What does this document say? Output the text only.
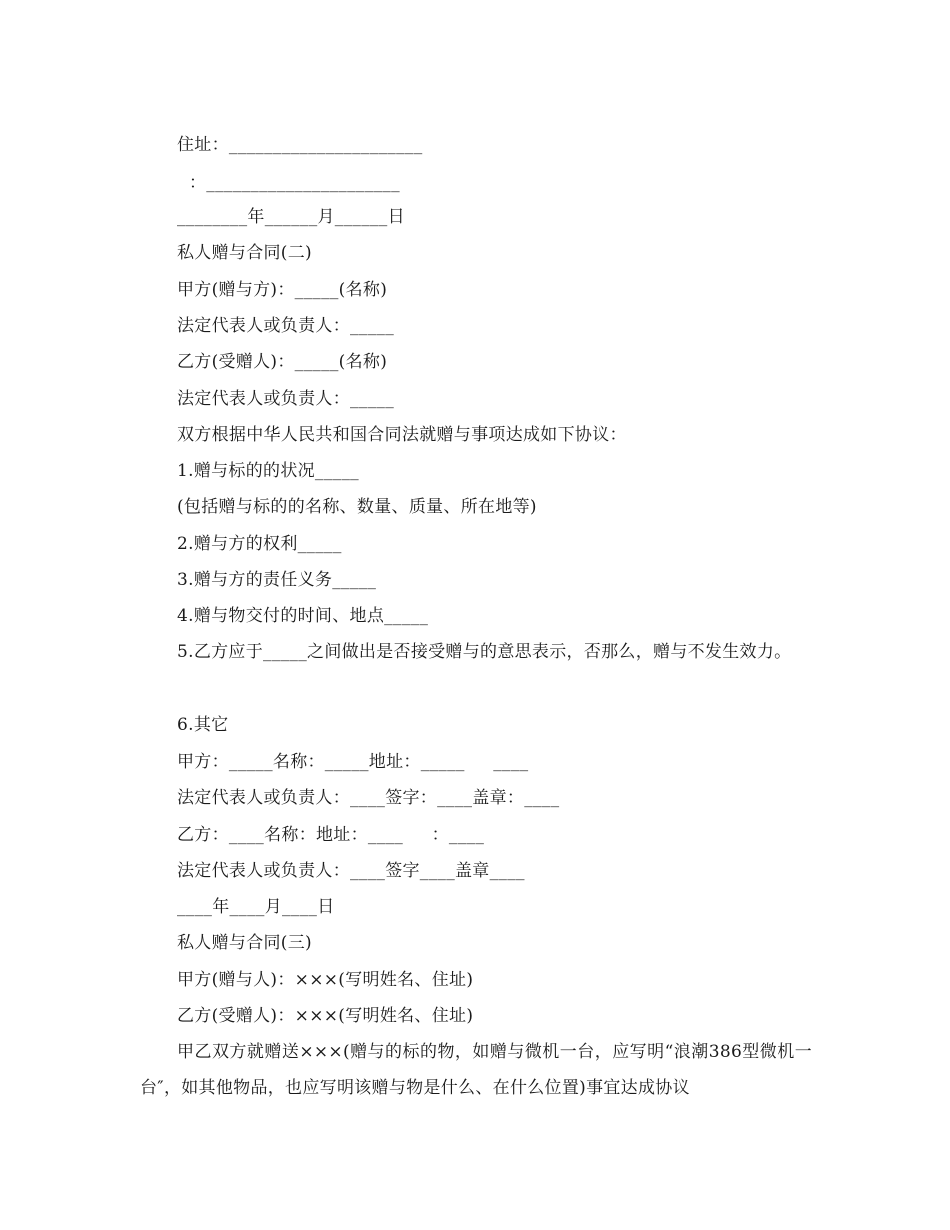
住址：______________________
：______________________
________年______月______日
私人赠与合同(二)
甲方(赠与方)：_____(名称)
法定代表人或负责人：_____
乙方(受赠人)：_____(名称)
法定代表人或负责人：_____
双方根据中华人民共和国合同法就赠与事项达成如下协议：
1.赠与标的的状况_____
(包括赠与标的的名称、数量、质量、所在地等)
2.赠与方的权利_____
3.赠与方的责任义务_____
4.赠与物交付的时间、地点_____
5.乙方应于_____之间做出是否接受赠与的意思表示，否那么，赠与不发生效力。
6.其它
甲方：_____名称：_____地址：_____     ____
法定代表人或负责人：____签字：____盖章：____
乙方：____名称：地址：____     ：____
法定代表人或负责人：____签字____盖章____
____年____月____日
私人赠与合同(三)
甲方(赠与人)：×××(写明姓名、住址)
乙方(受赠人)：×××(写明姓名、住址)
甲乙双方就赠送×××(赠与的标的物，如赠与微机一台，应写明“浪潮386型微机一台″，如其他物品，也应写明该赠与物是什么、在什么位置)事宜达成协议
